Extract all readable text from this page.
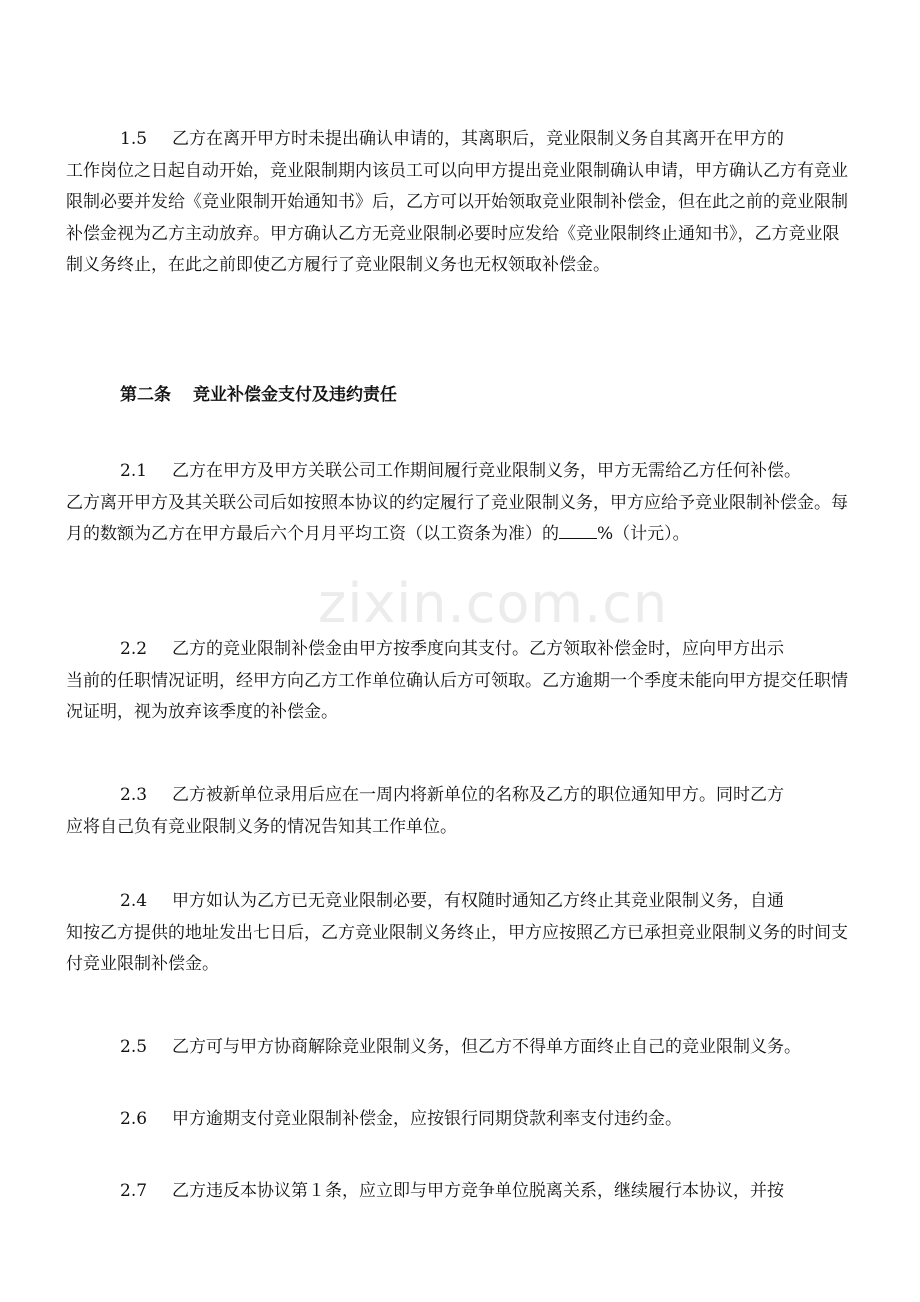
zixin.com.cn
1.5 乙方在离开甲方时未提出确认申请的，其离职后，竞业限制义务自其离开在甲方的
工作岗位之日起自动开始，竞业限制期内该员工可以向甲方提出竞业限制确认申请，甲方确认乙方有竞业限制必要并发给《竞业限制开始通知书》后，乙方可以开始领取竞业限制补偿金，但在此之前的竞业限制补偿金视为乙方主动放弃。甲方确认乙方无竞业限制必要时应发给《竞业限制终止通知书》，乙方竞业限制义务终止，在此之前即使乙方履行了竞业限制义务也无权领取补偿金。
第二条 竞业补偿金支付及违约责任
2.1 乙方在甲方及甲方关联公司工作期间履行竞业限制义务，甲方无需给乙方任何补偿。
乙方离开甲方及其关联公司后如按照本协议的约定履行了竞业限制义务，甲方应给予竞业限制补偿金。每月的数额为乙方在甲方最后六个月月平均工资（以工资条为准）的 %（计元）。
2.2 乙方的竞业限制补偿金由甲方按季度向其支付。乙方领取补偿金时，应向甲方出示
当前的任职情况证明，经甲方向乙方工作单位确认后方可领取。乙方逾期一个季度未能向甲方提交任职情况证明，视为放弃该季度的补偿金。
2.3 乙方被新单位录用后应在一周内将新单位的名称及乙方的职位通知甲方。同时乙方
应将自己负有竞业限制义务的情况告知其工作单位。
2.4 甲方如认为乙方已无竞业限制必要，有权随时通知乙方终止其竞业限制义务，自通
知按乙方提供的地址发出七日后，乙方竞业限制义务终止，甲方应按照乙方已承担竞业限制义务的时间支付竞业限制补偿金。
2.5 乙方可与甲方协商解除竞业限制义务，但乙方不得单方面终止自己的竞业限制义务。
2.6 甲方逾期支付竞业限制补偿金，应按银行同期贷款利率支付违约金。
2.7 乙方违反本协议第１条，应立即与甲方竞争单位脱离关系，继续履行本协议，并按
